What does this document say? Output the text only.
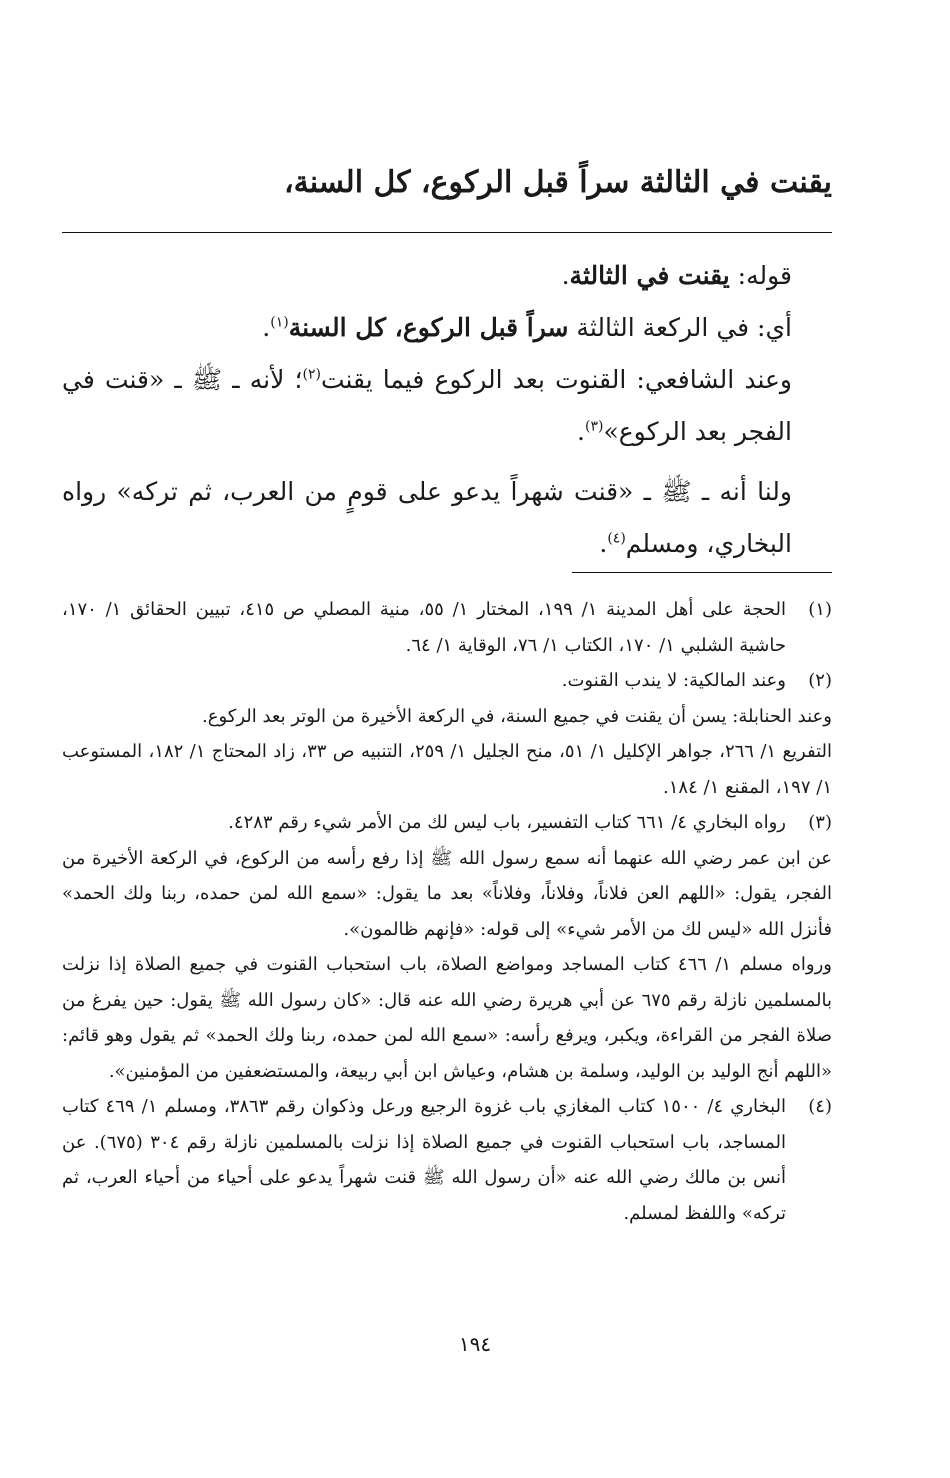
يقنت في الثالثة سراً قبل الركوع، كل السنة،

قوله: يقنت في الثالثة.

أي: في الركعة الثالثة سراً قبل الركوع، كل السنة$^{(١)}$.

وعند الشافعي: القنوت بعد الركوع فيما يقنت$^{(٢)}$؛ لأنه ـ ﷺ ـ «قنت في الفجر بعد الركوع»$^{(٣)}$.

ولنا أنه ـ ﷺ ـ «قنت شهراً يدعو على قومٍ من العرب، ثم تركه» رواه البخاري، ومسلم$^{(٤)}$.

(١)

الحجة على أهل المدينة ١/ ١٩٩، المختار ١/ ٥٥، منية المصلي ص ٤١٥، تبيين الحقائق ١/ ١٧٠، حاشية الشلبي ١/ ١٧٠، الكتاب ١/ ٧٦، الوقاية ١/ ٦٤.

(٢)

وعند المالكية: لا يندب القنوت.

وعند الحنابلة: يسن أن يقنت في جميع السنة، في الركعة الأخيرة من الوتر بعد الركوع.

التفريع ١/ ٢٦٦، جواهر الإكليل ١/ ٥١، منح الجليل ١/ ٢٥٩، التنبيه ص ٣٣، زاد المحتاج ١/ ١٨٢، المستوعب ١/ ١٩٧، المقنع ١/ ١٨٤.

(٣)

رواه البخاري ٤/ ٦٦١ كتاب التفسير، باب ليس لك من الأمر شيء رقم ٤٢٨٣.

عن ابن عمر رضي الله عنهما أنه سمع رسول الله ﷺ إذا رفع رأسه من الركوع، في الركعة الأخيرة من الفجر، يقول: «اللهم العن فلاناً، وفلاناً، وفلاناً» بعد ما يقول: «سمع الله لمن حمده، ربنا ولك الحمد» فأنزل الله «ليس لك من الأمر شيء» إلى قوله: «فإنهم ظالمون».

ورواه مسلم ١/ ٤٦٦ كتاب المساجد ومواضع الصلاة، باب استحباب القنوت في جميع الصلاة إذا نزلت بالمسلمين نازلة رقم ٦٧٥ عن أبي هريرة رضي الله عنه قال: «كان رسول الله ﷺ يقول: حين يفرغ من صلاة الفجر من القراءة، ويكبر، ويرفع رأسه: «سمع الله لمن حمده، ربنا ولك الحمد» ثم يقول وهو قائم: «اللهم أنج الوليد بن الوليد، وسلمة بن هشام، وعياش ابن أبي ربيعة، والمستضعفين من المؤمنين».

(٤)

البخاري ٤/ ١٥٠٠ كتاب المغازي باب غزوة الرجيع ورعل وذكوان رقم ٣٨٦٣، ومسلم ١/ ٤٦٩ كتاب المساجد، باب استحباب القنوت في جميع الصلاة إذا نزلت بالمسلمين نازلة رقم ٣٠٤ (٦٧٥). عن أنس بن مالك رضي الله عنه «أن رسول الله ﷺ قنت شهراً يدعو على أحياء من أحياء العرب، ثم تركه» واللفظ لمسلم.

١٩٤
